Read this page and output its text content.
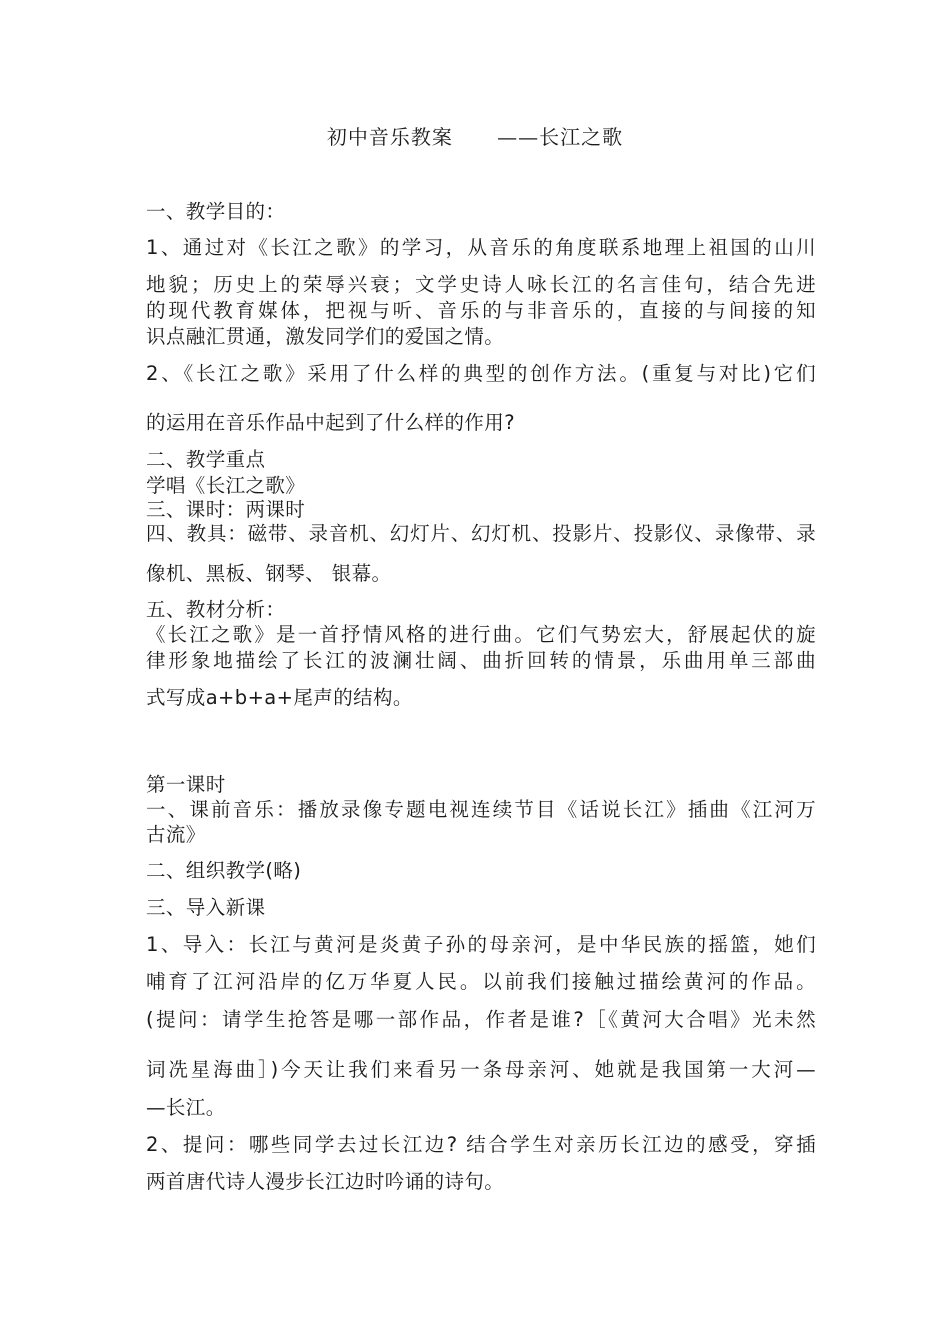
初中音乐教案      ——长江之歌
一、教学目的：
1、通过对《长江之歌》的学习，从音乐的角度联系地理上祖国的山川
地貌；历史上的荣辱兴衰；文学史诗人咏长江的名言佳句，结合先进
的现代教育媒体，把视与听、音乐的与非音乐的，直接的与间接的知
识点融汇贯通，激发同学们的爱国之情。
2、《长江之歌》采用了什么样的典型的创作方法。(重复与对比)它们
的运用在音乐作品中起到了什么样的作用?
二、教学重点
学唱《长江之歌》
三、课时：两课时
四、教具：磁带、录音机、幻灯片、幻灯机、投影片、投影仪、录像带、录
像机、黑板、钢琴、 银幕。
五、教材分析：
《长江之歌》是一首抒情风格的进行曲。它们气势宏大，舒展起伏的旋
律形象地描绘了长江的波澜壮阔、曲折回转的情景，乐曲用单三部曲
式写成a+b+a+尾声的结构。
第一课时
一、课前音乐：播放录像专题电视连续节目《话说长江》插曲《江河万
古流》
二、组织教学(略)
三、导入新课
1、导入：长江与黄河是炎黄子孙的母亲河，是中华民族的摇篮，她们
哺育了江河沿岸的亿万华夏人民。以前我们接触过描绘黄河的作品。
(提问：请学生抢答是哪一部作品，作者是谁?［《黄河大合唱》光未然
词冼星海曲］)今天让我们来看另一条母亲河、她就是我国第一大河—
—长江。
2、提问：哪些同学去过长江边? 结合学生对亲历长江边的感受，穿插
两首唐代诗人漫步长江边时吟诵的诗句。
